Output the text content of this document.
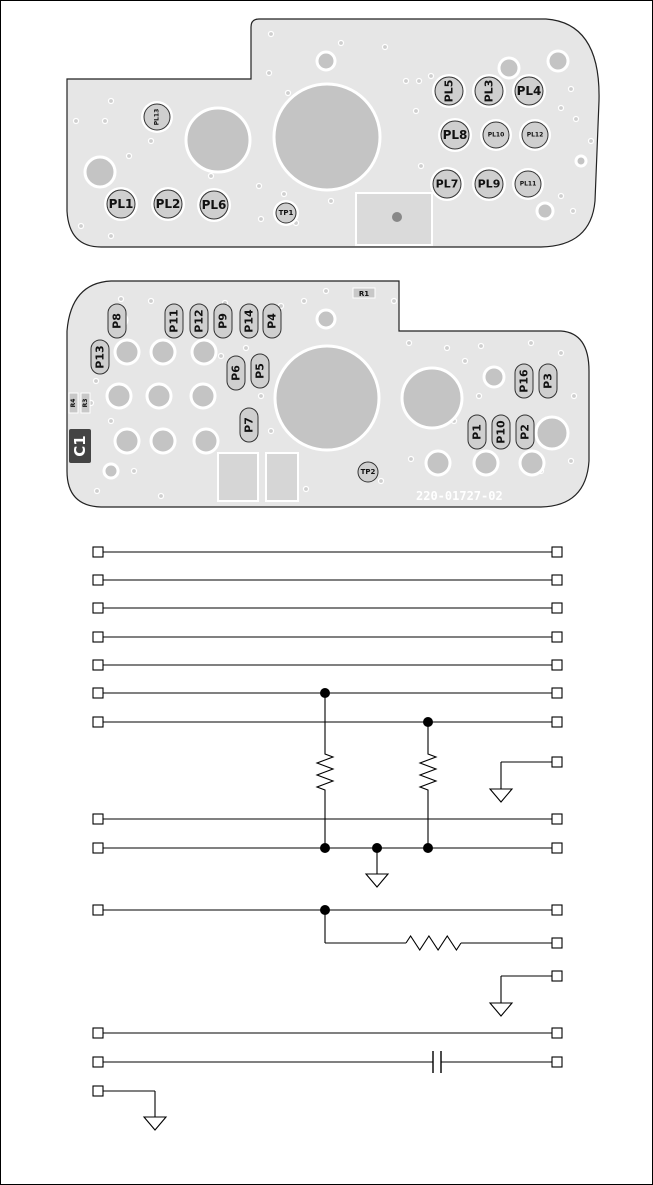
PL1 PL2 PL6
PL13
TP1
PL5 PL3 PL4
PL8	PL10	PL12
PL7 PL9	PL11
R1
R4 R3
C1
TP2
220-01727-02
P8	P11 P12 P9 P14 P4
P13
P6 P5
P7
P16 P3
P1 P10 P2
